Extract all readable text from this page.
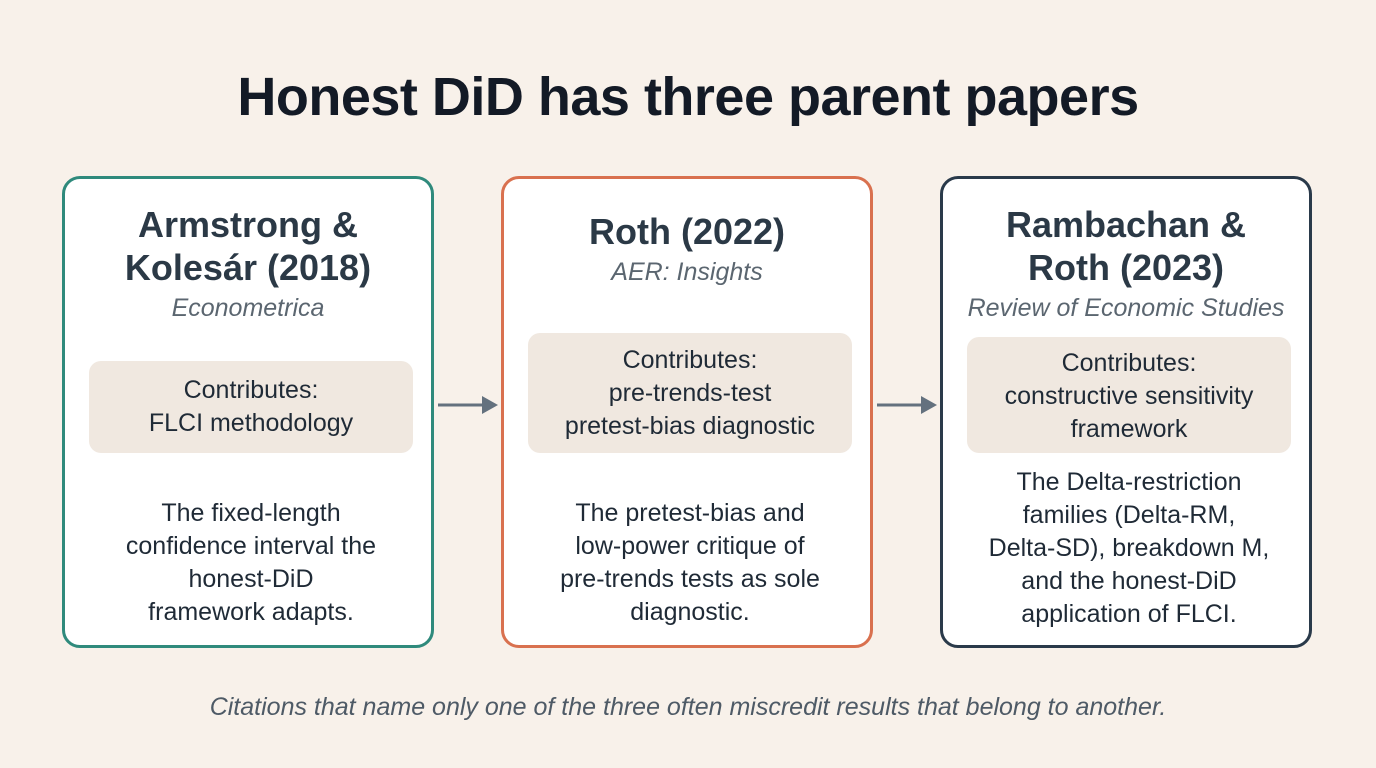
Honest DiD has three parent papers
Armstrong &
Kolesár (2018)
Econometrica
Contributes:
FLCI methodology
The fixed-length
confidence interval the
honest-DiD
framework adapts.
Roth (2022)
AER: Insights
Contributes:
pre-trends-test
pretest-bias diagnostic
The pretest-bias and
low-power critique of
pre-trends tests as sole
diagnostic.
Rambachan &
Roth (2023)
Review of Economic Studies
Contributes:
constructive sensitivity
framework
The Delta-restriction
families (Delta-RM,
Delta-SD), breakdown M,
and the honest-DiD
application of FLCI.
Citations that name only one of the three often miscredit results that belong to another.
